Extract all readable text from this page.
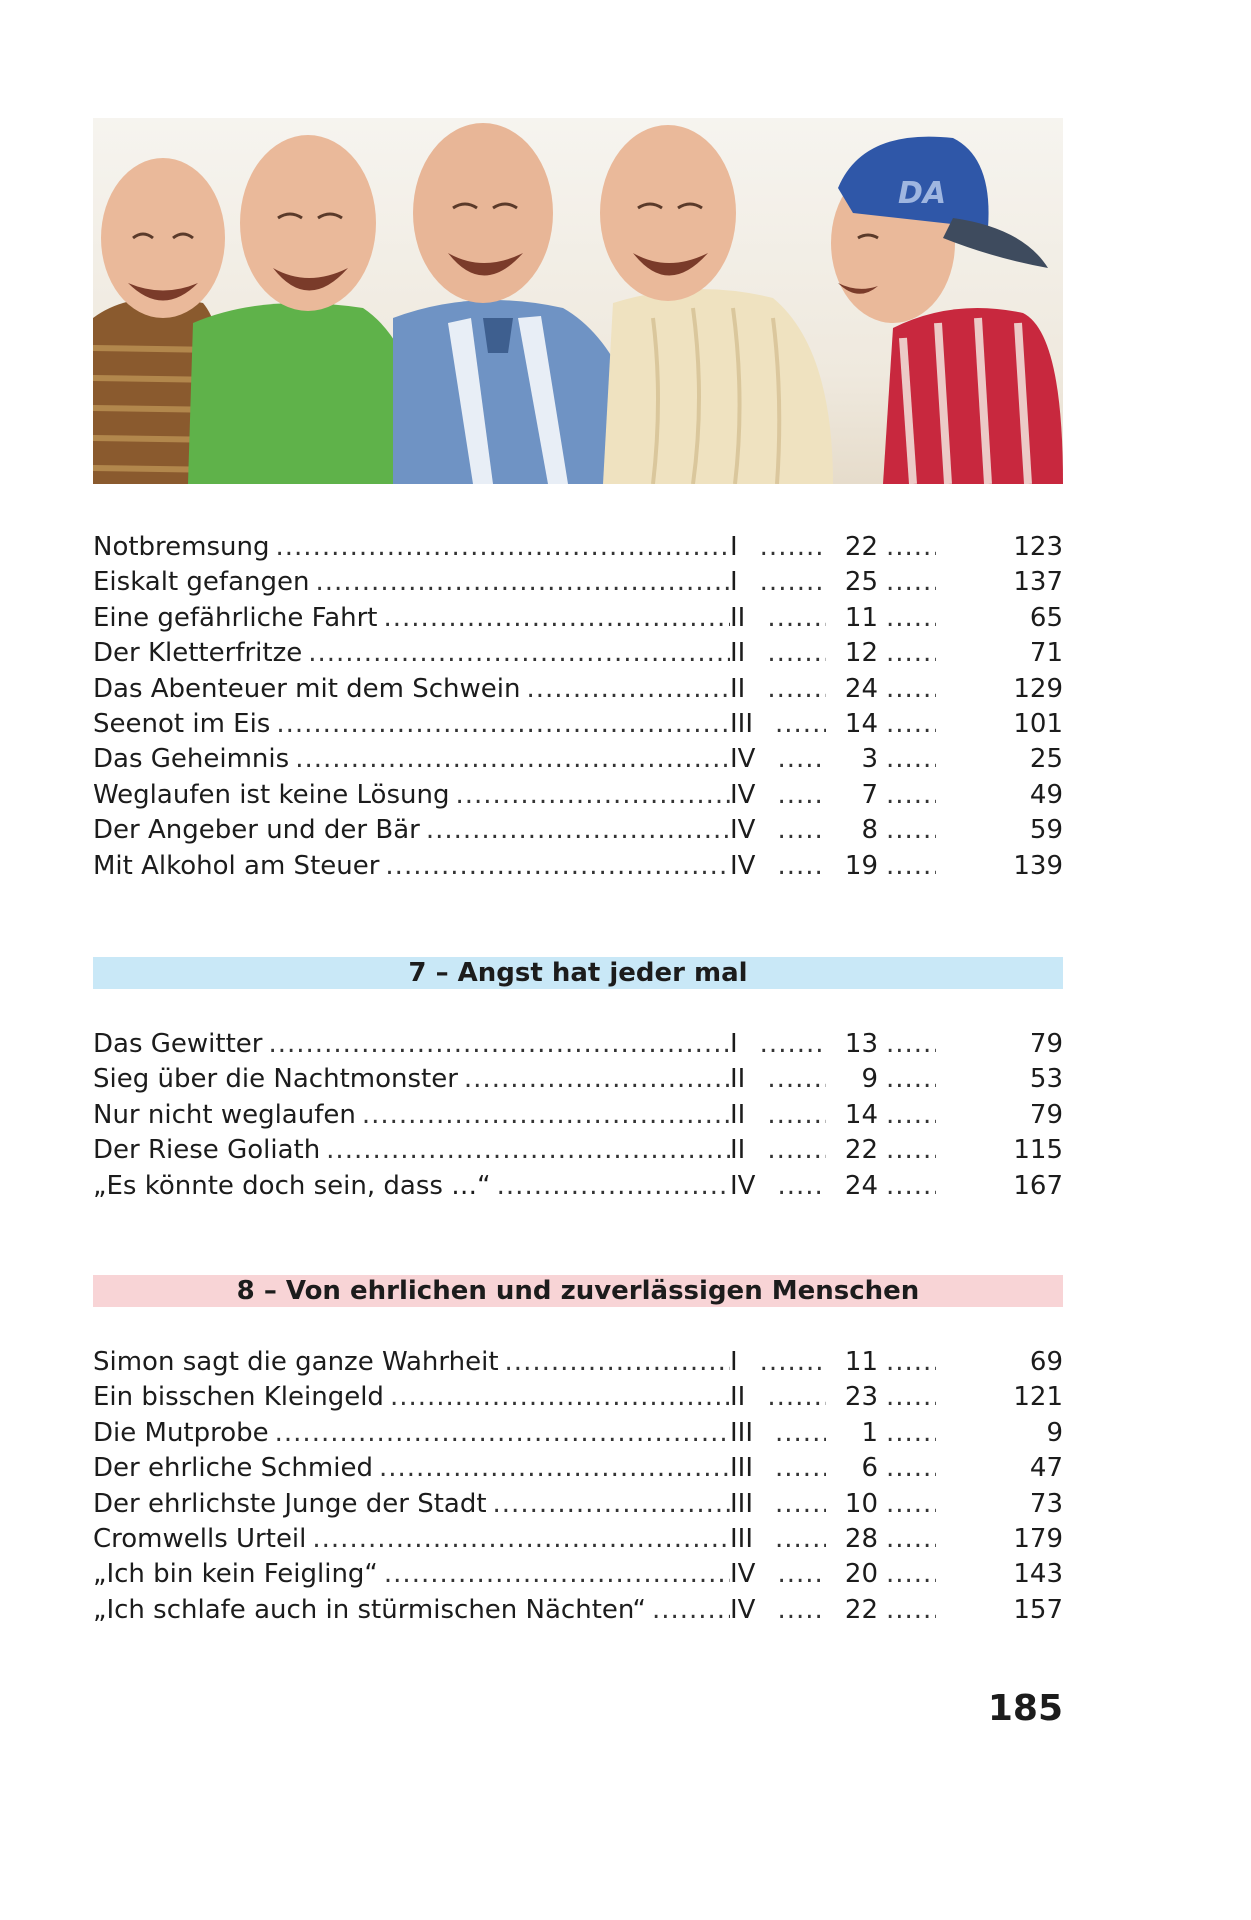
DA
Notbremsung .....	I .....	22 .....	123
Eiskalt gefangen .....	I .....	25 .....	137
Eine gefährliche Fahrt .....	II .....	11 .....	65
Der Kletterfritze .....	II .....	12 .....	71
Das Abenteuer mit dem Schwein .....	II .....	24 .....	129
Seenot im Eis .....	III .....	14 .....	101
Das Geheimnis .....	IV .....	3 .....	25
Weglaufen ist keine Lösung .....	IV .....	7 .....	49
Der Angeber und der Bär .....	IV .....	8 .....	59
Mit Alkohol am Steuer .....	IV .....	19 .....	139
7 – Angst hat jeder mal
Das Gewitter .....	I .....	13 .....	79
Sieg über die Nachtmonster .....	II .....	9 .....	53
Nur nicht weglaufen .....	II .....	14 .....	79
Der Riese Goliath .....	II .....	22 .....	115
„Es könnte doch sein, dass …“ .....	IV .....	24 .....	167
8 – Von ehrlichen und zuverlässigen Menschen
Simon sagt die ganze Wahrheit .....	I .....	11 .....	69
Ein bisschen Kleingeld .....	II .....	23 .....	121
Die Mutprobe .....	III .....	1 .....	9
Der ehrliche Schmied .....	III .....	6 .....	47
Der ehrlichste Junge der Stadt .....	III .....	10 .....	73
Cromwells Urteil .....	III .....	28 .....	179
„Ich bin kein Feigling“ .....	IV .....	20 .....	143
„Ich schlafe auch in stürmischen Nächten“ .....	IV .....	22 .....	157
185
